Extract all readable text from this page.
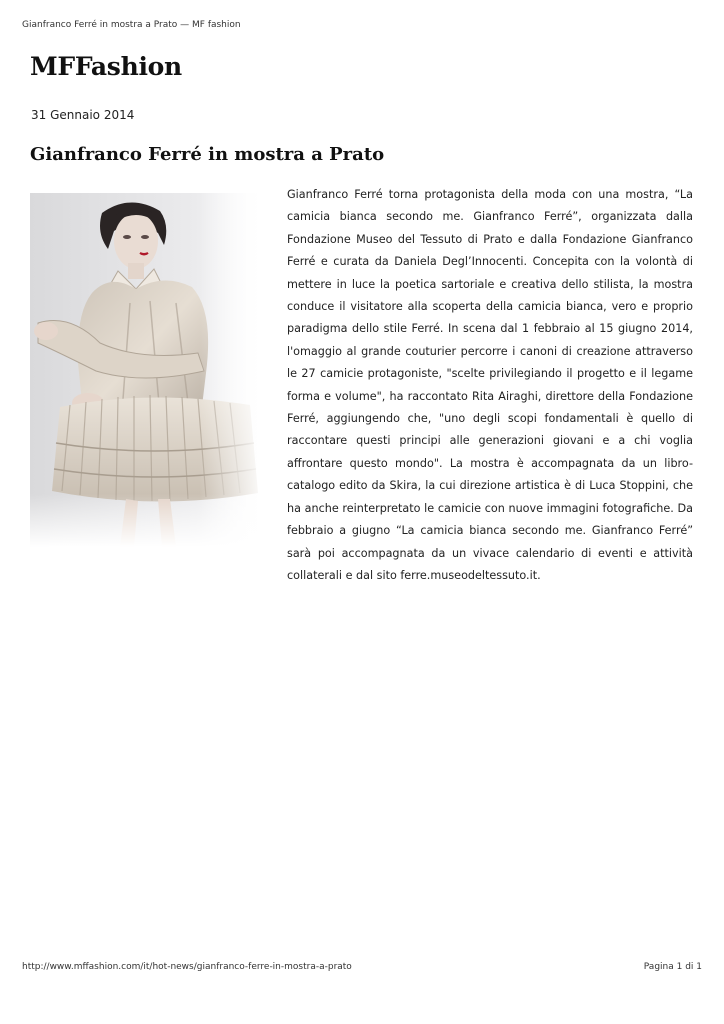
Gianfranco Ferré in mostra a Prato — MF fashion
MFFashion
31 Gennaio 2014
Gianfranco Ferré in mostra a Prato

Gianfranco Ferré torna protagonista della moda con una mostra, “La camicia bianca secondo me. Gianfranco Ferré”, organizzata dalla Fondazione Museo del Tessuto di Prato e dalla Fondazione Gianfranco Ferré e curata da Daniela Degl’Innocenti. Concepita con la volontà di mettere in luce la poetica sartoriale e creativa dello stilista, la mostra conduce il visitatore alla scoperta della camicia bianca, vero e proprio paradigma dello stile Ferré. In scena dal 1 febbraio al 15 giugno 2014, l'omaggio al grande couturier percorre i canoni di creazione attraverso le 27 camicie protagoniste, "scelte privilegiando il progetto e il legame forma e volume", ha raccontato Rita Airaghi, direttore della Fondazione Ferré, aggiungendo che, "uno degli scopi fondamentali è quello di raccontare questi principi alle generazioni giovani e a chi voglia affrontare questo mondo". La mostra è accompagnata da un libro-catalogo edito da Skira, la cui direzione artistica è di Luca Stoppini, che ha anche reinterpretato le camicie con nuove immagini fotografiche. Da febbraio a giugno “La camicia bianca secondo me. Gianfranco Ferré” sarà poi accompagnata da un vivace calendario di eventi e attività collaterali e dal sito ferre.museodeltessuto.it.

http://www.mffashion.com/it/hot-news/gianfranco-ferre-in-mostra-a-prato	Pagina 1 di 1
